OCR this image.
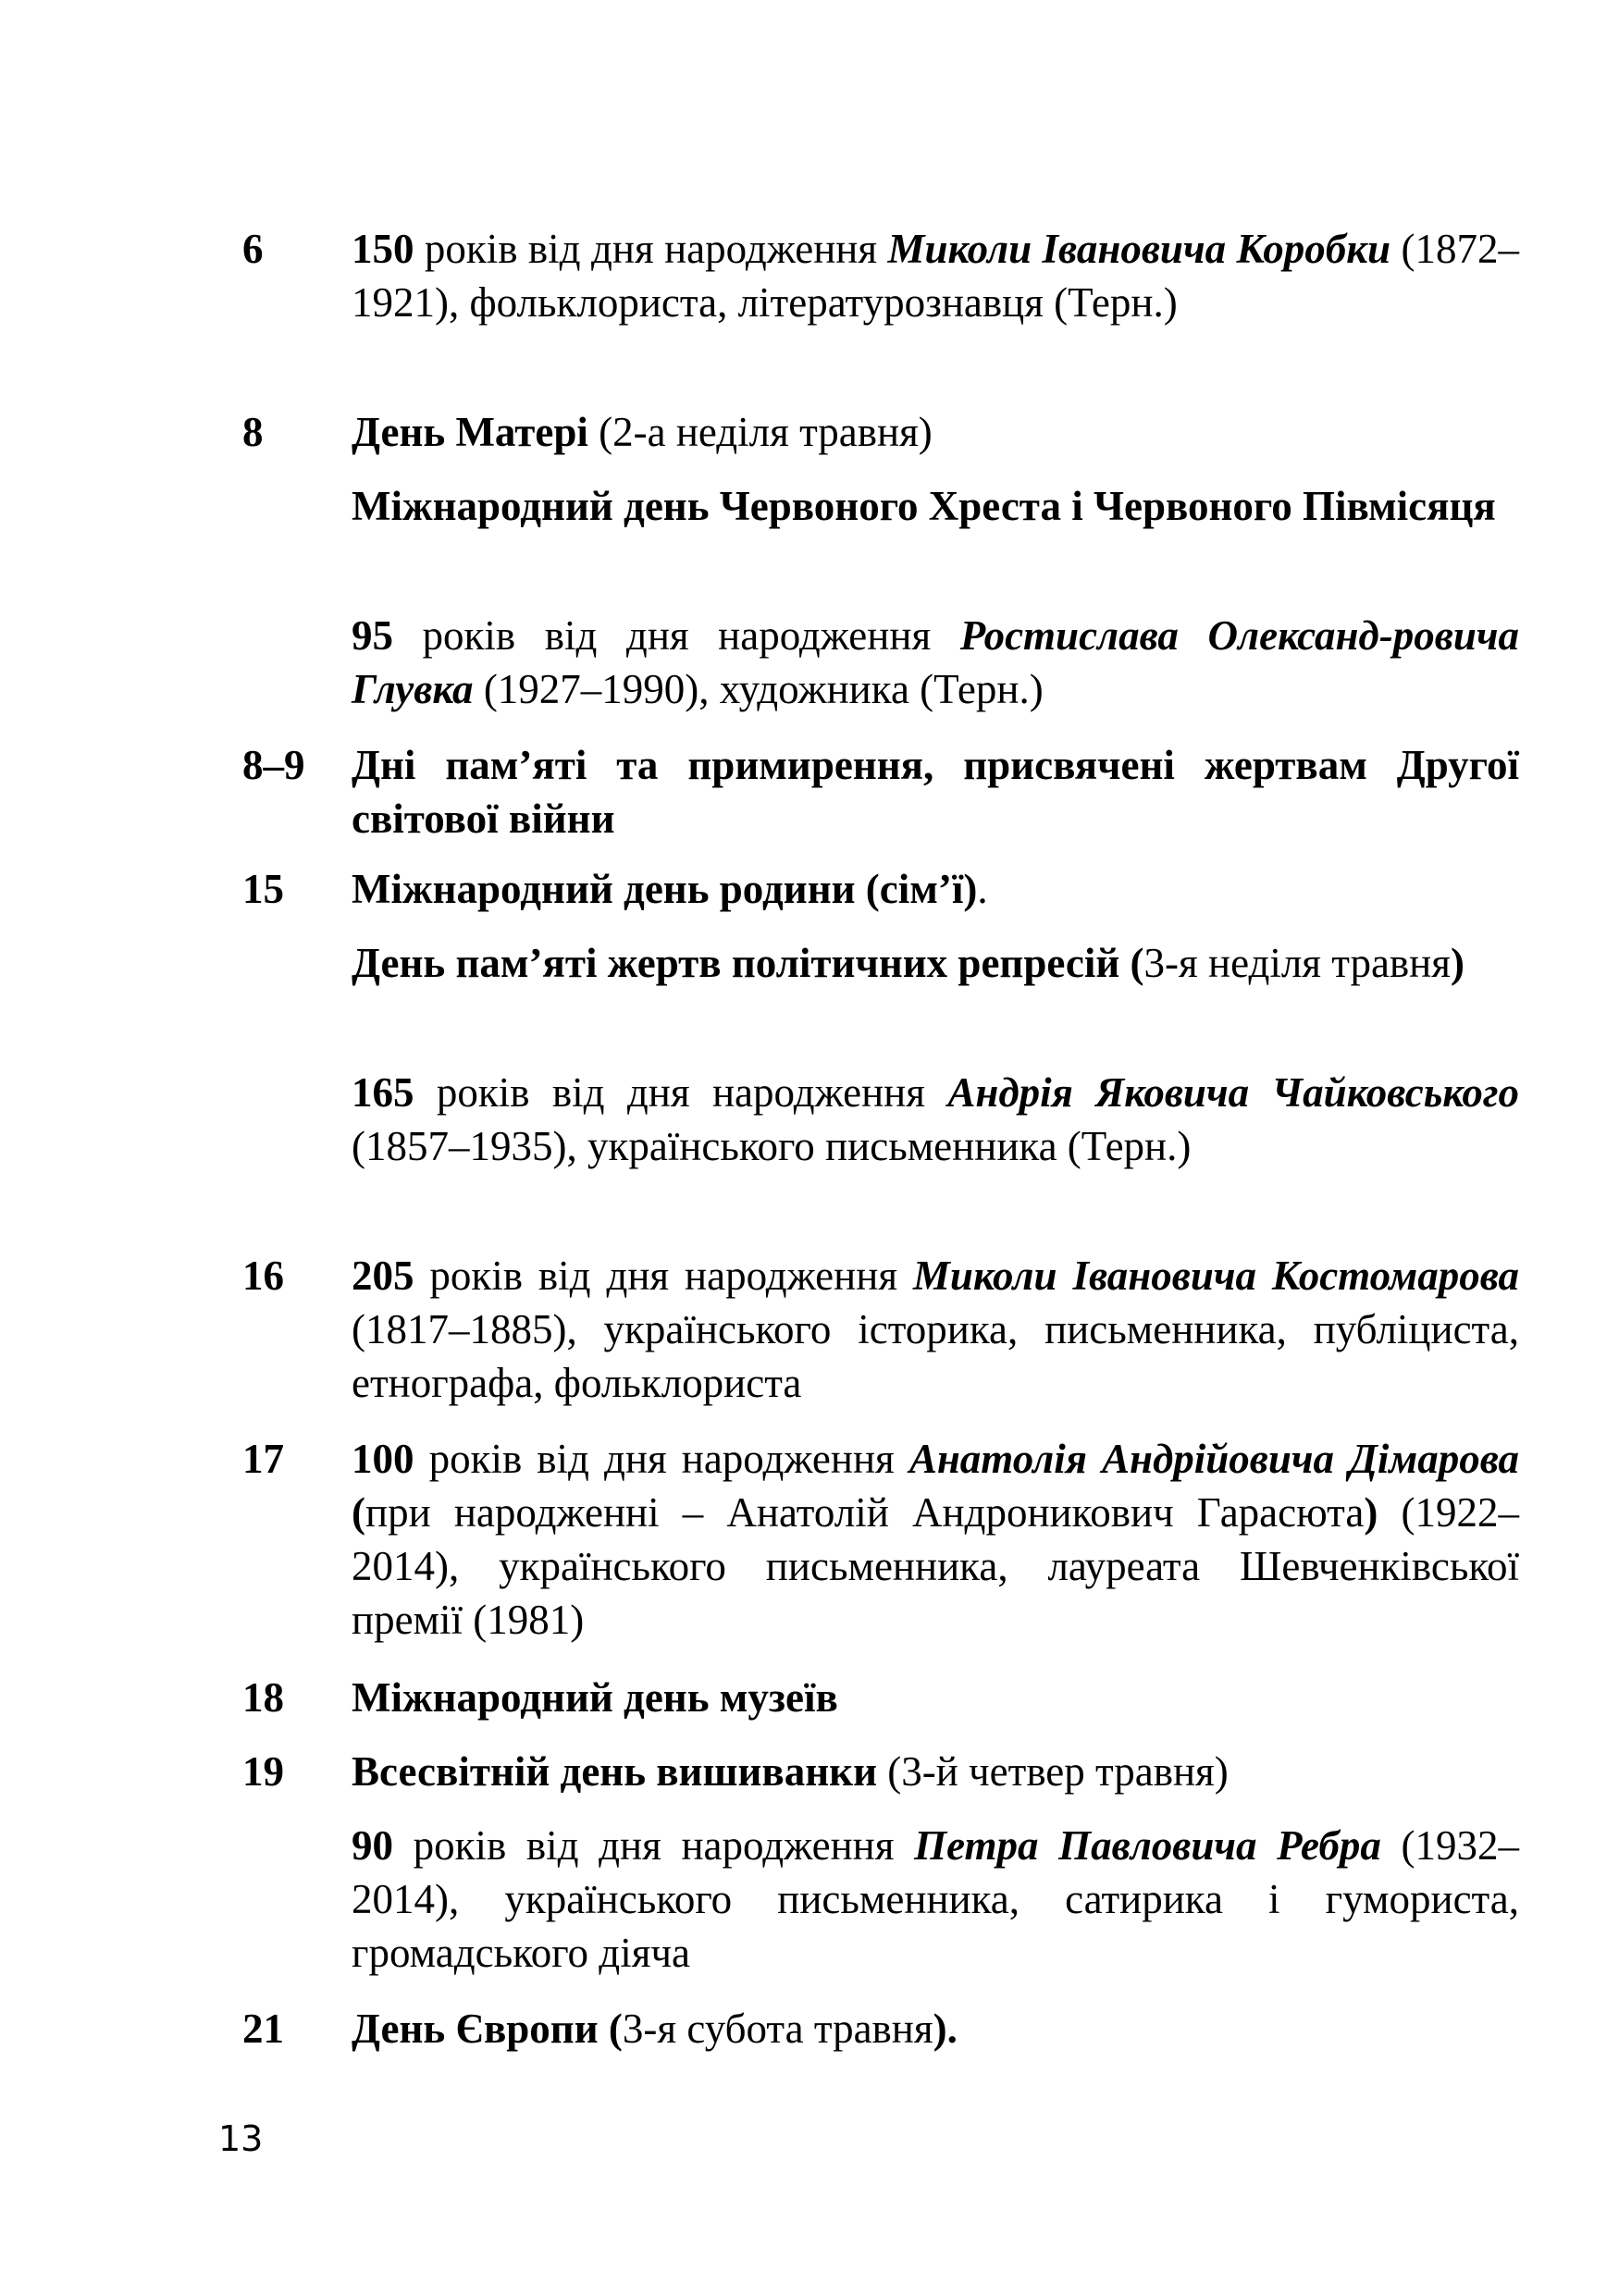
6 150 років від дня народження Миколи Івановича Коробки (1872–1921), фольклориста, літературознавця (Терн.)
8 День Матері (2-а неділя травня)
Міжнародний день Червоного Хреста і Червоного Півмісяця
95 років від дня народження Ростислава Олександ-ровича Глувка (1927–1990), художника (Терн.)
8–9 Дні пам’яті та примирення, присвячені жертвам Другої світової війни
15 Міжнародний день родини (сім’ї).
День пам’яті жертв політичних репресій (3-я неділя травня)
165 років від дня народження Андрія Яковича Чайковського (1857–1935), українського письменника (Терн.)
16 205 років від дня народження Миколи Івановича Костомарова (1817–1885), українського історика, письменника, публіциста, етнографа, фольклориста
17 100 років від дня народження Анатолія Андрійовича Дімарова (при народженні – Анатолій Андроникович Гарасюта) (1922–2014), українського письменника, лауреата Шевченківської премії (1981)
18 Міжнародний день музеїв
19 Всесвітній день вишиванки (3-й четвер травня)
90 років від дня народження Петра Павловича Ребра (1932–2014), українського письменника, сатирика і гумориста, громадського діяча
21 День Європи (3-я субота травня).
13
